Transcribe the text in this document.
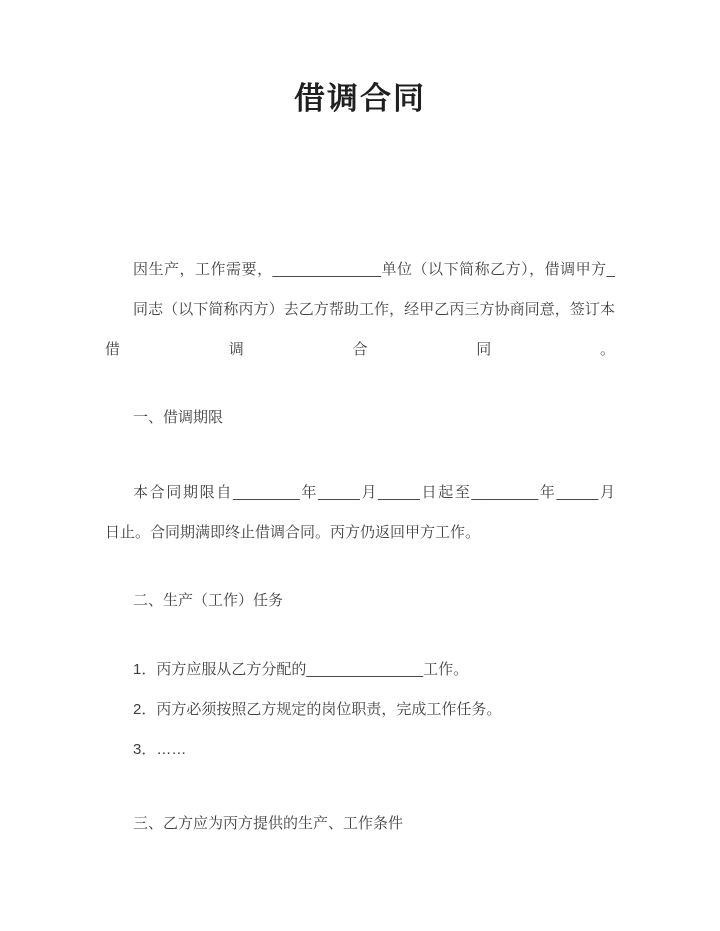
借调合同
因生产，工作需要，_____________单位（以下简称乙方），借调甲方_
同志（以下简称丙方）去乙方帮助工作，经甲乙丙三方协商同意，签订本借调合同。
一、借调期限
本合同期限自________年_____月_____日起至________年_____月
日止。合同期满即终止借调合同。丙方仍返回甲方工作。
二、生产（工作）任务
1．丙方应服从乙方分配的______________工作。
2．丙方必须按照乙方规定的岗位职责，完成工作任务。
3．……
三、乙方应为丙方提供的生产、工作条件
